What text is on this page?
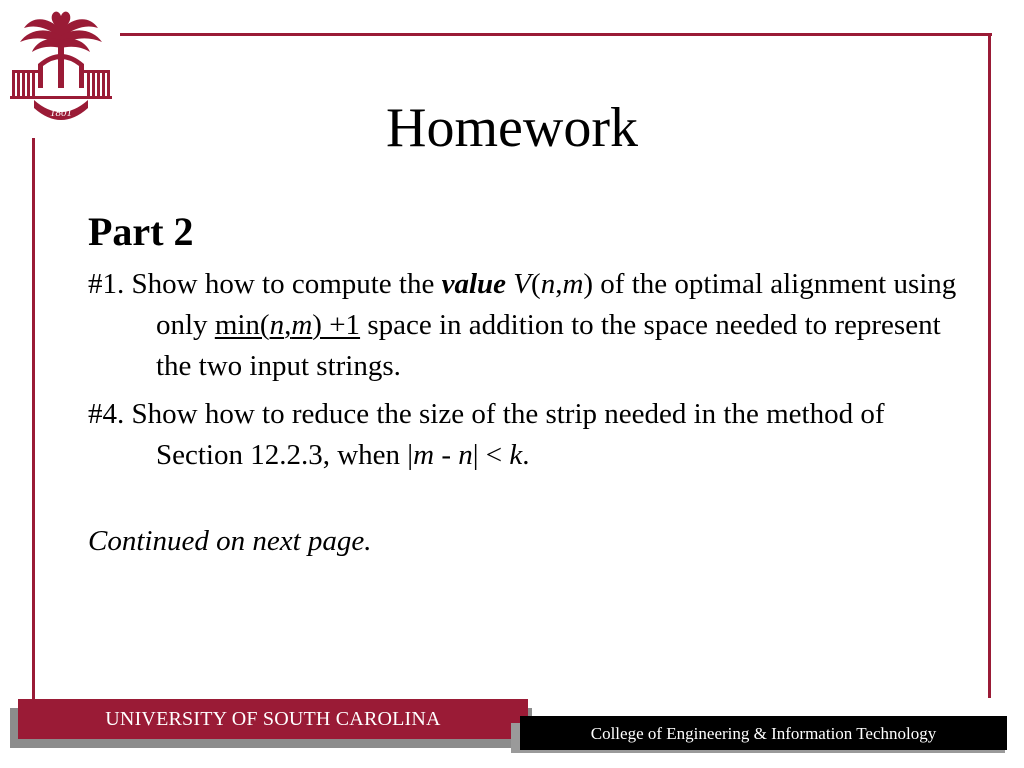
1801	Homework
Part 2
#1. Show how to compute the value V(n,m) of the optimal alignment using only min(n,m) +1 space in addition to the space needed to represent the two input strings.
#4. Show how to reduce the size of the strip needed in the method of Section 12.2.3, when |m - n| < k.
Continued on next page.
UNIVERSITY OF SOUTH CAROLINA
College of Engineering & Information Technology
